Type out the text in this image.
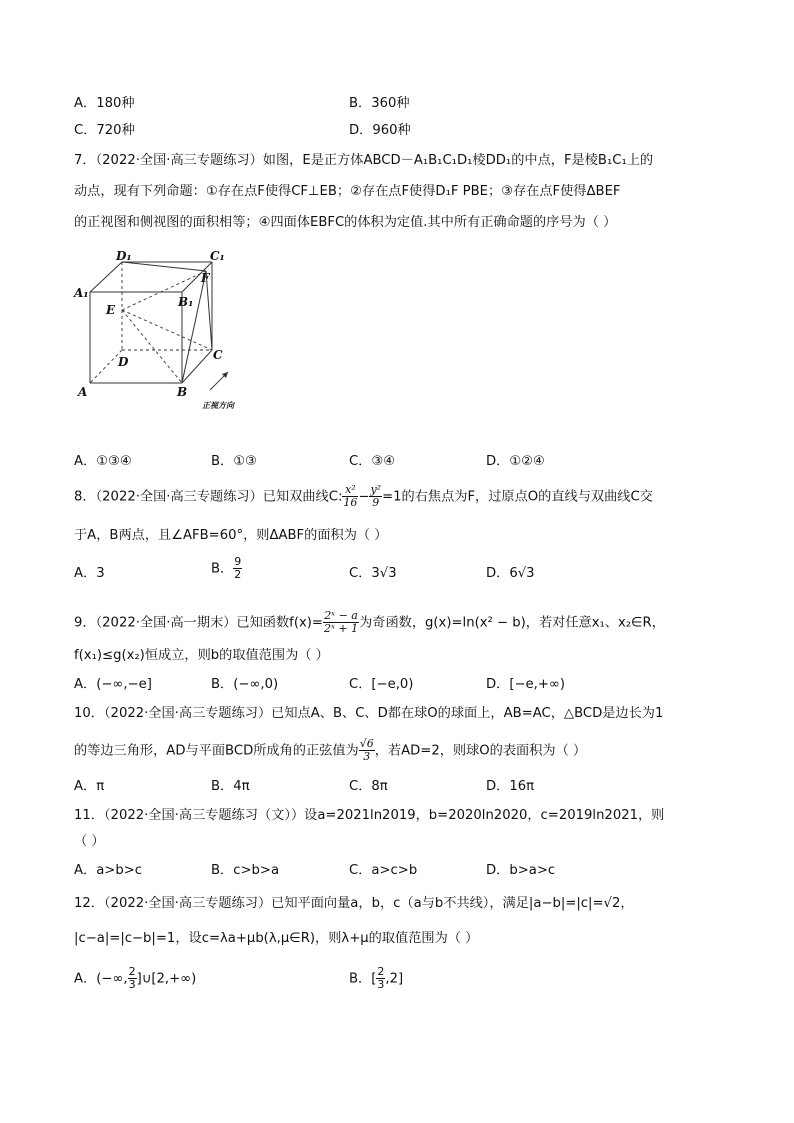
A．180种	B．360种
C．720种	D．960种
7．（2022·全国·高三专题练习）如图，E是正方体ABCD－A₁B₁C₁D₁棱DD₁的中点，F是棱B₁C₁上的
动点，现有下列命题：①存在点F使得CF⊥EB；②存在点F使得D₁F PBE；③存在点F使得ΔBEF
的正视图和侧视图的面积相等；④四面体EBFC的体积为定值.其中所有正确命题的序号为（ ）
D₁	C₁
F
A₁
B₁
E
D	C
A	B
正视方向
A．①③④	B．①③	C．③④	D．①②④
8．（2022·全国·高三专题练习）已知双曲线C: $\frac{\text{x²}}{16} - \frac{\text{y²}}{9} =1$的右焦点为F，过原点O的直线与双曲线C交
于A，B两点，且∠AFB=60°，则ΔABF的面积为（ ）
A．3	B． $\frac{9}{2}$	C．3√3	D．6√3
9．（2022·全国·高一期末）已知函数$f(x)= \frac{\text{2ˣ − a}}{\text{2ˣ + 1}}$ 为奇函数，g(x)=ln(x² − b)，若对任意x₁、x₂∈R，
f(x₁)≤g(x₂)恒成立，则b的取值范围为（ ）
A．(−∞,−e]	B．(−∞,0)	C．[−e,0)	D．[−e,+∞)
10．（2022·全国·高三专题练习）已知点A、B、C、D都在球O的球面上，AB=AC，△BCD是边长为1
的等边三角形，AD与平面BCD所成角的正弦值为 $\frac{√6}{3}$ ，若AD=2，则球O的表面积为（ ）
A．π	B．4π	C．8π	D．16π
11．（2022·全国·高三专题练习（文））设a=2021ln2019，b=2020ln2020，c=2019ln2021，则
（ ）
A．a>b>c	B．c>b>a	C．a>c>b	D．b>a>c
12．（2022·全国·高三专题练习）已知平面向量a，b，c（a与b不共线），满足|a−b|=|c|=√2，
|c−a|=|c−b|=1，设c=λa+μb(λ,μ∈R)，则λ+μ的取值范围为（ ）
A．(−∞, $\frac{2}{3}$ ]∪[2,+∞)	B．[ $\frac{2}{3} ,2$]
